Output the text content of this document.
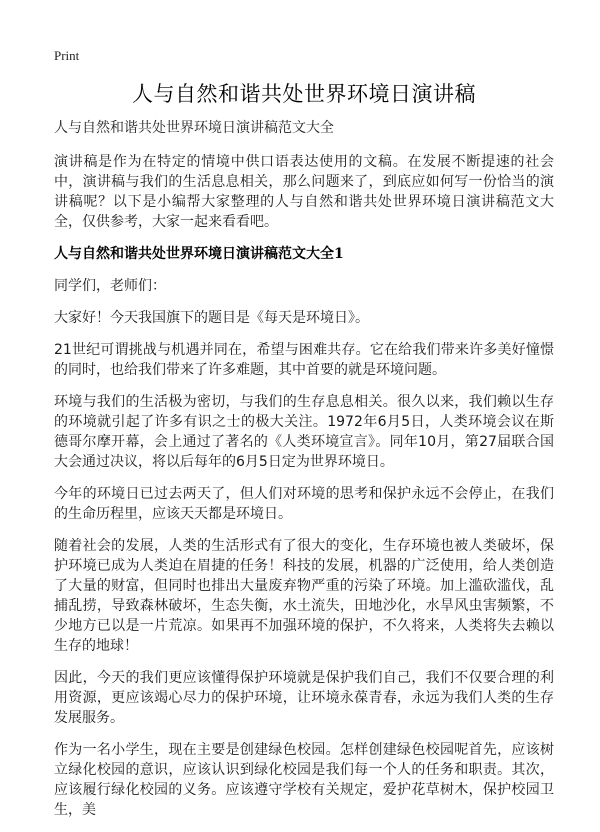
Print
人与自然和谐共处世界环境日演讲稿
人与自然和谐共处世界环境日演讲稿范文大全

演讲稿是作为在特定的情境中供口语表达使用的文稿。在发展不断提速的社会中，演讲稿与我们的生活息息相关，那么问题来了，到底应如何写一份恰当的演讲稿呢？以下是小编帮大家整理的人与自然和谐共处世界环境日演讲稿范文大全，仅供参考，大家一起来看看吧。

人与自然和谐共处世界环境日演讲稿范文大全1

同学们，老师们：

大家好！今天我国旗下的题目是《每天是环境日》。

21世纪可谓挑战与机遇并同在，希望与困难共存。它在给我们带来许多美好憧憬的同时，也给我们带来了许多难题，其中首要的就是环境问题。

环境与我们的生活极为密切，与我们的生存息息相关。很久以来，我们赖以生存的环境就引起了许多有识之士的极大关注。1972年6月5日，人类环境会议在斯德哥尔摩开幕，会上通过了著名的《人类环境宣言》。同年10月，第27届联合国大会通过决议，将以后每年的6月5日定为世界环境日。

今年的环境日已过去两天了，但人们对环境的思考和保护永远不会停止，在我们的生命历程里，应该天天都是环境日。

随着社会的发展，人类的生活形式有了很大的变化，生存环境也被人类破坏，保护环境已成为人类迫在眉捷的任务！科技的发展，机器的广泛使用，给人类创造了大量的财富，但同时也排出大量废弃物严重的污染了环境。加上滥砍滥伐，乱捕乱捞，导致森林破坏，生态失衡，水土流失，田地沙化，水旱风虫害频繁，不少地方已以是一片荒凉。如果再不加强环境的保护，不久将来，人类将失去赖以生存的地球！

因此，今天的我们更应该懂得保护环境就是保护我们自己，我们不仅要合理的利用资源，更应该竭心尽力的保护环境，让环境永葆青春，永远为我们人类的生存发展服务。

作为一名小学生，现在主要是创建绿色校园。怎样创建绿色校园呢首先，应该树立绿化校园的意识，应该认识到绿化校园是我们每一个人的任务和职责。其次，应该履行绿化校园的义务。应该遵守学校有关规定，爱护花草树木，保护校园卫生，美
